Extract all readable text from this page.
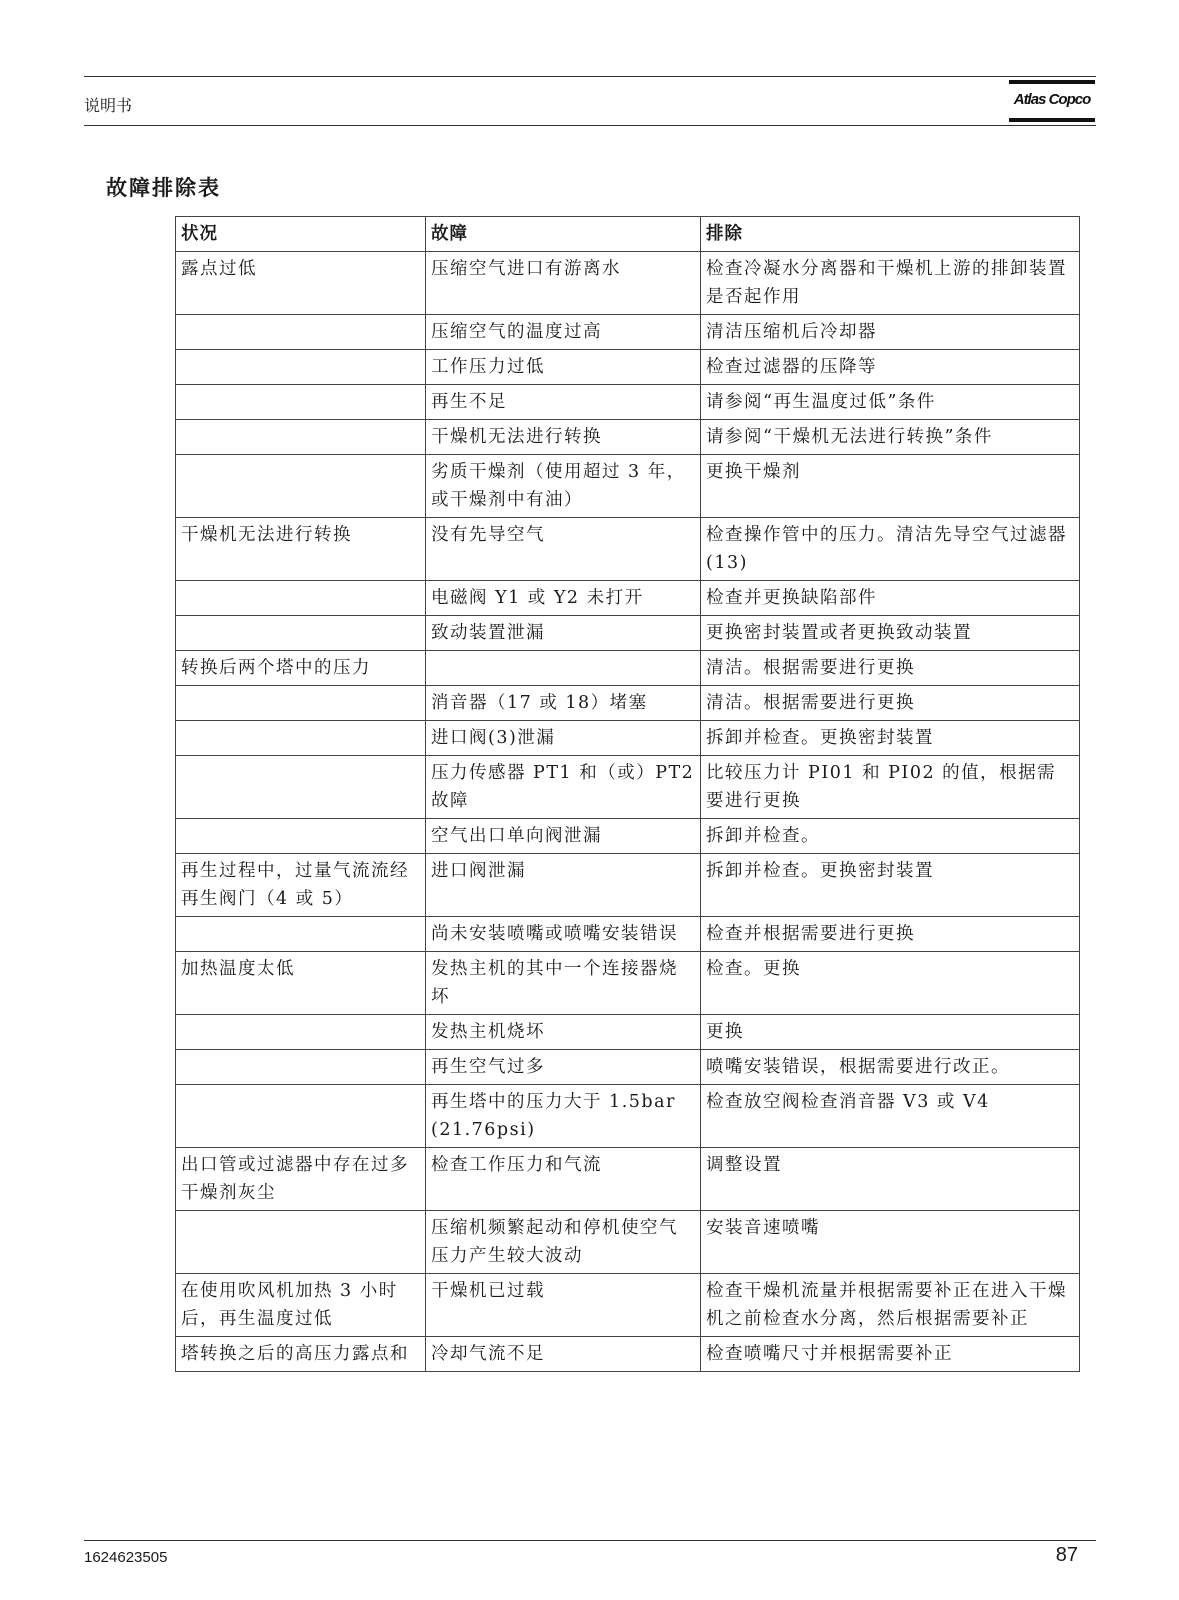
说明书	Atlas Copco
故障排除表
状况	故障	排除
露点过低	压缩空气进口有游离水	检查冷凝水分离器和干燥机上游的排卸装置是否起作用
	压缩空气的温度过高	清洁压缩机后冷却器
	工作压力过低	检查过滤器的压降等
	再生不足	请参阅“再生温度过低”条件
	干燥机无法进行转换	请参阅“干燥机无法进行转换”条件
	劣质干燥剂（使用超过 3 年，或干燥剂中有油）	更换干燥剂
干燥机无法进行转换	没有先导空气	检查操作管中的压力。清洁先导空气过滤器(13)
	电磁阀 Y1 或 Y2 未打开	检查并更换缺陷部件
	致动装置泄漏	更换密封装置或者更换致动装置
转换后两个塔中的压力		清洁。根据需要进行更换
	消音器（17 或 18）堵塞	清洁。根据需要进行更换
	进口阀(3)泄漏	拆卸并检查。更换密封装置
	压力传感器 PT1 和（或）PT2 故障	比较压力计 PI01 和 PI02 的值，根据需要进行更换
	空气出口单向阀泄漏	拆卸并检查。
再生过程中，过量气流流经再生阀门（4 或 5）	进口阀泄漏	拆卸并检查。更换密封装置
	尚未安装喷嘴或喷嘴安装错误	检查并根据需要进行更换
加热温度太低	发热主机的其中一个连接器烧坏	检查。更换
	发热主机烧坏	更换
	再生空气过多	喷嘴安装错误，根据需要进行改正。
	再生塔中的压力大于 1.5bar (21.76psi)	检查放空阀检查消音器 V3 或 V4
出口管或过滤器中存在过多干燥剂灰尘	检查工作压力和气流	调整设置
	压缩机频繁起动和停机使空气压力产生较大波动	安装音速喷嘴
在使用吹风机加热 3 小时后，再生温度过低	干燥机已过载	检查干燥机流量并根据需要补正在进入干燥机之前检查水分离，然后根据需要补正
塔转换之后的高压力露点和	冷却气流不足	检查喷嘴尺寸并根据需要补正
1624623505	87
